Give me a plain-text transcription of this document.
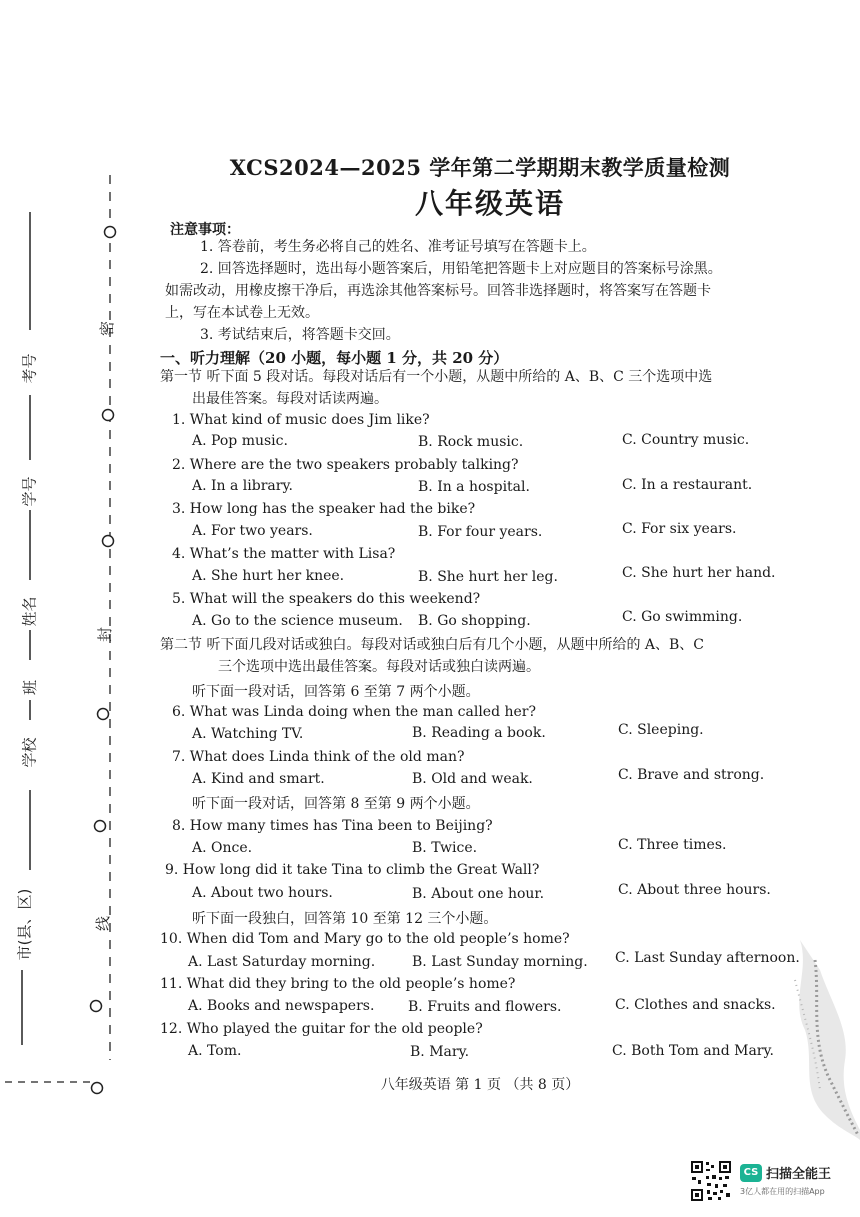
考号
学号
姓名
班
学校
市(县、区)
密
封
线
XCS2024—2025 学年第二学期期末教学质量检测
八年级英语
注意事项：
1. 答卷前，考生务必将自己的姓名、准考证号填写在答题卡上。
2. 回答选择题时，选出每小题答案后，用铅笔把答题卡上对应题目的答案标号涂黑。
如需改动，用橡皮擦干净后，再选涂其他答案标号。回答非选择题时，将答案写在答题卡
上，写在本试卷上无效。
3. 考试结束后，将答题卡交回。
一、听力理解（20 小题，每小题 1 分，共 20 分）
第一节 听下面 5 段对话。每段对话后有一个小题，从题中所给的 A、B、C 三个选项中选
出最佳答案。每段对话读两遍。
1. What kind of music does Jim like?
A. Pop music.	B. Rock music.	C. Country music.
2. Where are the two speakers probably talking?
A. In a library.	B. In a hospital.	C. In a restaurant.
3. How long has the speaker had the bike?
A. For two years.	B. For four years.	C. For six years.
4. What’s the matter with Lisa?
A. She hurt her knee.	B. She hurt her leg.	C. She hurt her hand.
5. What will the speakers do this weekend?
A. Go to the science museum. B. Go shopping.	C. Go swimming.
第二节 听下面几段对话或独白。每段对话或独白后有几个小题，从题中所给的 A、B、C
三个选项中选出最佳答案。每段对话或独白读两遍。
听下面一段对话，回答第 6 至第 7 两个小题。
6. What was Linda doing when the man called her?
A. Watching TV.	B. Reading a book.	C. Sleeping.
7. What does Linda think of the old man?
A. Kind and smart.	B. Old and weak.	C. Brave and strong.
听下面一段对话，回答第 8 至第 9 两个小题。
8. How many times has Tina been to Beijing?
A. Once.	B. Twice.	C. Three times.
9. How long did it take Tina to climb the Great Wall?
A. About two hours.	B. About one hour.	C. About three hours.
听下面一段独白，回答第 10 至第 12 三个小题。
10. When did Tom and Mary go to the old people’s home?
A. Last Saturday morning.	B. Last Sunday morning. C. Last Sunday afternoon.
11. What did they bring to the old people’s home?
A. Books and newspapers. B. Fruits and flowers.	C. Clothes and snacks.
12. Who played the guitar for the old people?
A. Tom.	B. Mary.	C. Both Tom and Mary.
八年级英语 第 1 页 （共 8 页）
CS 扫描全能王
3亿人都在用的扫描App
